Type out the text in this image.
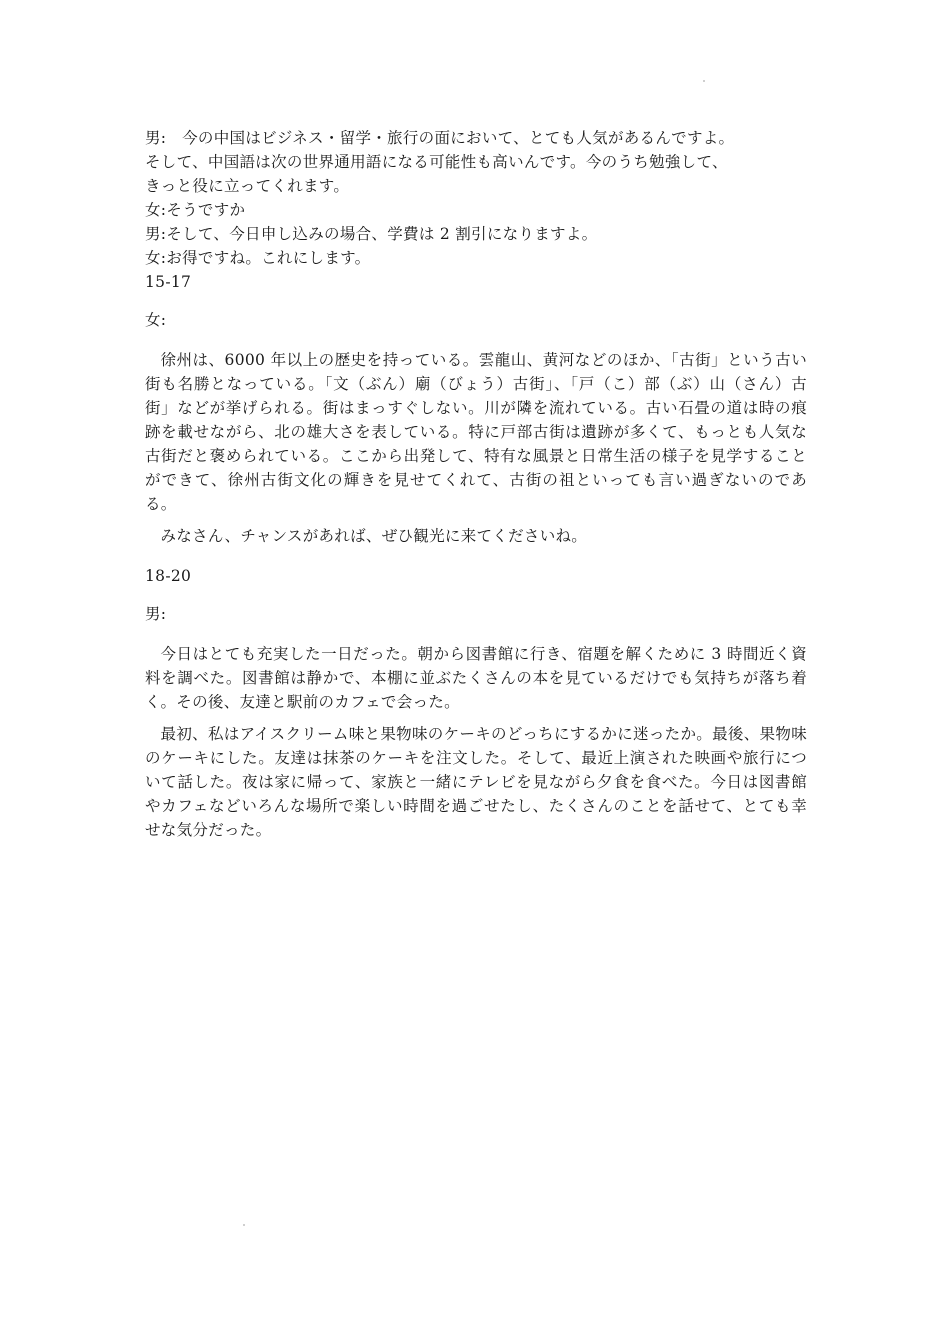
男:　今の中国はビジネス・留学・旅行の面において、とても人気があるんですよ。

そして、中国語は次の世界通用語になる可能性も高いんです。今のうち勉強して、

きっと役に立ってくれます。

女:そうですか

男:そして、今日申し込みの場合、学費は 2 割引になりますよ。

女:お得ですね。これにします。

15-17

女:

徐州は、6000 年以上の歴史を持っている。雲龍山、黄河などのほか、「古街」という古い街も名勝となっている。「文（ぶん）廟（びょう）古街」、「戸（こ）部（ぶ）山（さん）古街」などが挙げられる。街はまっすぐしない。川が隣を流れている。古い石畳の道は時の痕跡を載せながら、北の雄大さを表している。特に戸部古街は遺跡が多くて、もっとも人気な古街だと褒められている。ここから出発して、特有な風景と日常生活の様子を見学することができて、徐州古街文化の輝きを見せてくれて、古街の祖といっても言い過ぎないのである。

みなさん、チャンスがあれば、ぜひ観光に来てくださいね。

18-20

男:

今日はとても充実した一日だった。朝から図書館に行き、宿題を解くために 3 時間近く資料を調べた。図書館は静かで、本棚に並ぶたくさんの本を見ているだけでも気持ちが落ち着く。その後、友達と駅前のカフェで会った。

最初、私はアイスクリーム味と果物味のケーキのどっちにするかに迷ったか。最後、果物味のケーキにした。友達は抹茶のケーキを注文した。そして、最近上演された映画や旅行について話した。夜は家に帰って、家族と一緒にテレビを見ながら夕食を食べた。今日は図書館やカフェなどいろんな場所で楽しい時間を過ごせたし、たくさんのことを話せて、とても幸せな気分だった。
